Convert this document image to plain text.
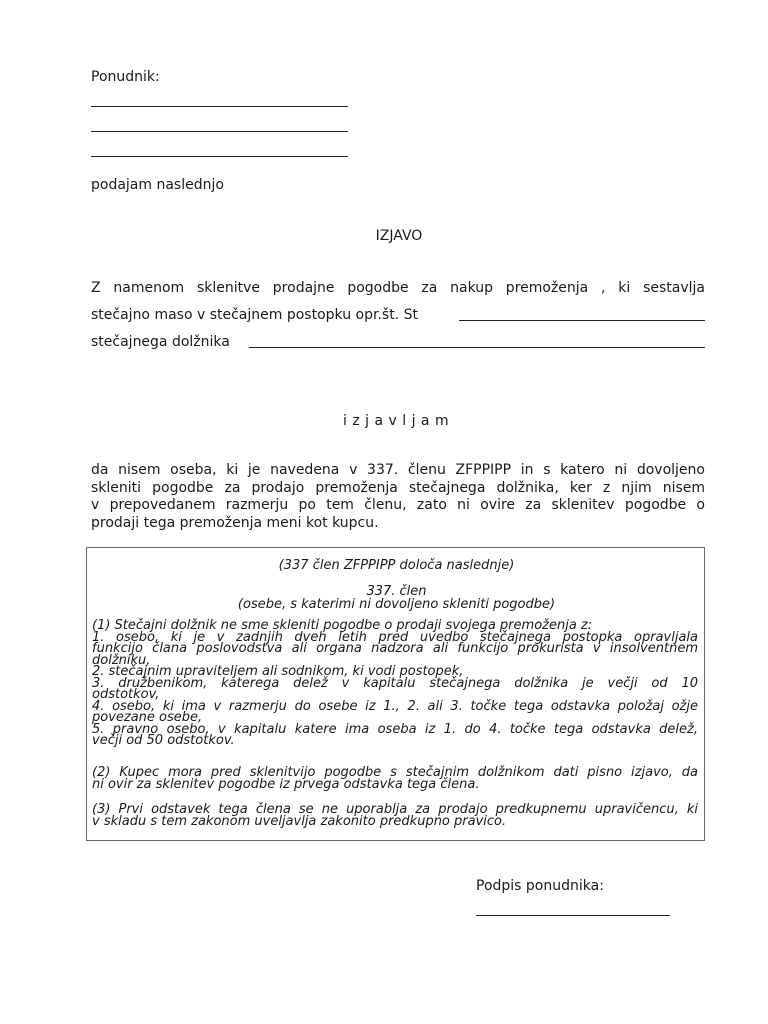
Ponudnik:
podajam naslednjo
IZJAVO
Z namenom sklenitve prodajne pogodbe za nakup premoženja , ki sestavlja
stečajno maso v stečajnem postopku opr.št. St
stečajnega dolžnika
i z j a v l j a m
da nisem oseba, ki je navedena v 337. členu ZFPPIPP in s katero ni dovoljeno
skleniti pogodbe za prodajo premoženja stečajnega dolžnika, ker z njim nisem
v prepovedanem razmerju po tem členu, zato ni ovire za sklenitev pogodbe o
prodaji tega premoženja meni kot kupcu.
(337 člen ZFPPIPP določa naslednje)
337. člen
(osebe, s katerimi ni dovoljeno skleniti pogodbe)
(1) Stečajni dolžnik ne sme skleniti pogodbe o prodaji svojega premoženja z:
1. osebo, ki je v zadnjih dveh letih pred uvedbo stečajnega postopka opravljala
funkcijo člana poslovodstva ali organa nadzora ali funkcijo prokurista v insolventnem
dolžniku,
2. stečajnim upraviteljem ali sodnikom, ki vodi postopek,
3. družbenikom, katerega delež v kapitalu stečajnega dolžnika je večji od 10
odstotkov,
4. osebo, ki ima v razmerju do osebe iz 1., 2. ali 3. točke tega odstavka položaj ožje
povezane osebe,
5. pravno osebo, v kapitalu katere ima oseba iz 1. do 4. točke tega odstavka delež,
večji od 50 odstotkov.
(2) Kupec mora pred sklenitvijo pogodbe s stečajnim dolžnikom dati pisno izjavo, da
ni ovir za sklenitev pogodbe iz prvega odstavka tega člena.
(3) Prvi odstavek tega člena se ne uporablja za prodajo predkupnemu upravičencu, ki
v skladu s tem zakonom uveljavlja zakonito predkupno pravico.
Podpis ponudnika:
